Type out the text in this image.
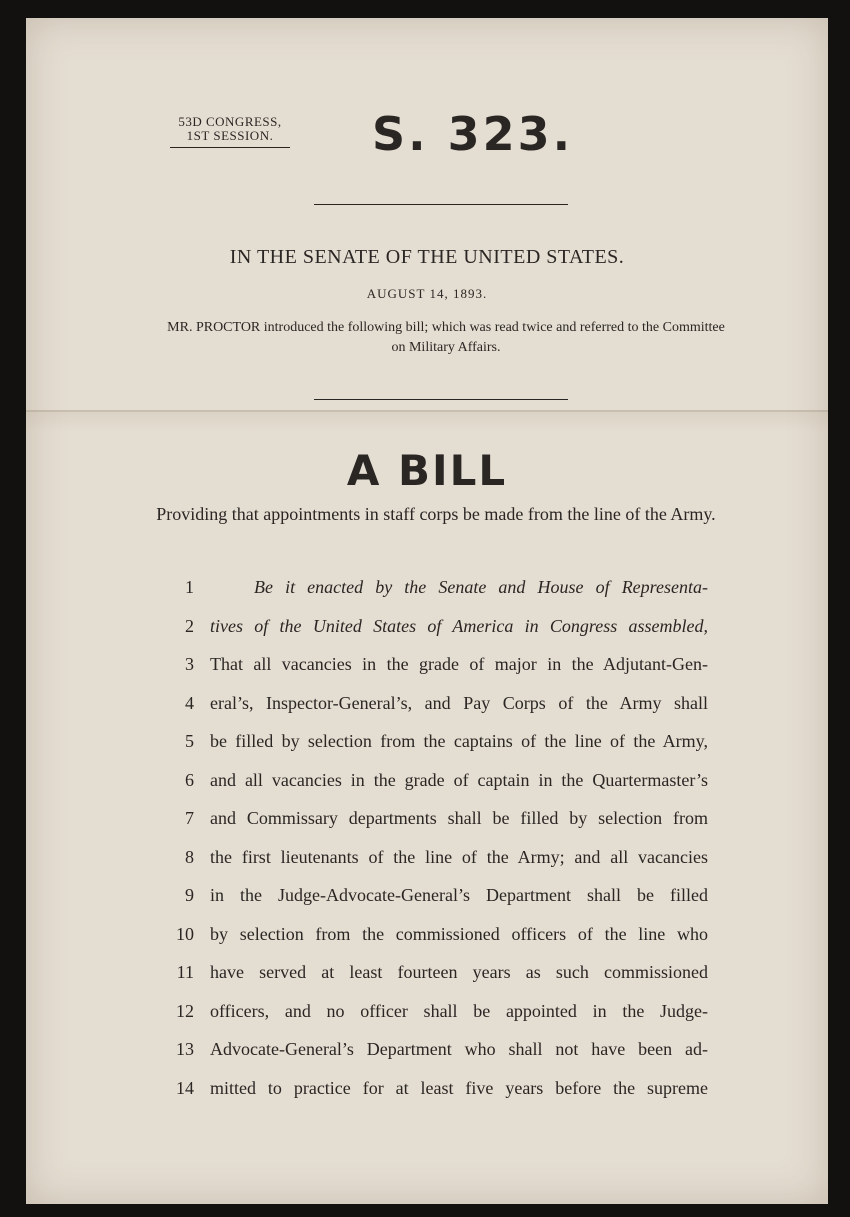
53D CONGRESS,
1ST SESSION.	S. 323.
IN THE SENATE OF THE UNITED STATES.
AUGUST 14, 1893.
MR. PROCTOR introduced the following bill; which was read twice and referred to the Committee on Military Affairs.
A BILL
Providing that appointments in staff corps be made from the line of the Army.
1	Be it enacted by the Senate and House of Representa-
2 tives of the United States of America in Congress assembled,
3 That all vacancies in the grade of major in the Adjutant-Gen-
4 eral’s, Inspector-General’s, and Pay Corps of the Army shall
5 be filled by selection from the captains of the line of the Army,
6 and all vacancies in the grade of captain in the Quartermaster’s
7 and Commissary departments shall be filled by selection from
8 the first lieutenants of the line of the Army; and all vacancies
9 in the Judge-Advocate-General’s Department shall be filled
10 by selection from the commissioned officers of the line who
11 have served at least fourteen years as such commissioned
12 officers, and no officer shall be appointed in the Judge-
13 Advocate-General’s Department who shall not have been ad-
14 mitted to practice for at least five years before the supreme
